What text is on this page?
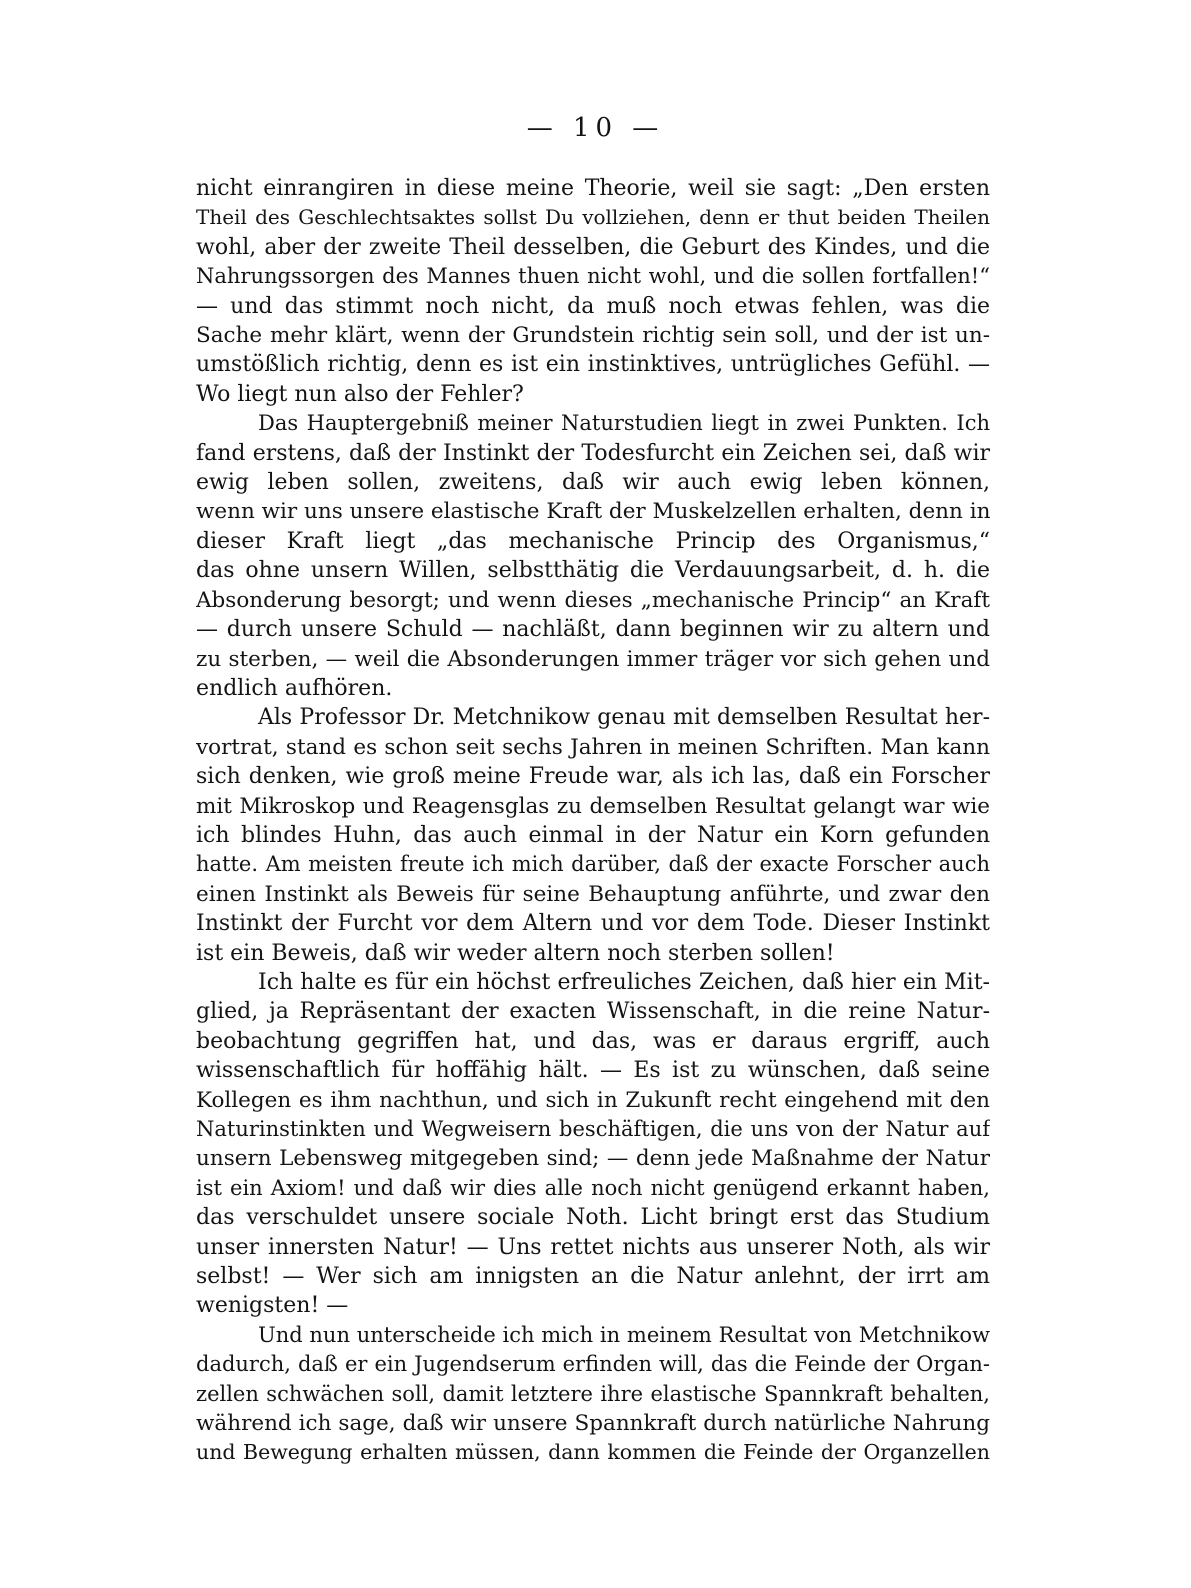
— 10 —

nicht einrangiren in diese meine Theorie, weil sie sagt: „Den ersten
Theil des Geschlechtsaktes sollst Du vollziehen, denn er thut beiden Theilen
wohl, aber der zweite Theil desselben, die Geburt des Kindes, und die
Nahrungssorgen des Mannes thuen nicht wohl, und die sollen fortfallen!“
— und das stimmt noch nicht, da muß noch etwas fehlen, was die
Sache mehr klärt, wenn der Grundstein richtig sein soll, und der ist un-
umstößlich richtig, denn es ist ein instinktives, untrügliches Gefühl. —
Wo liegt nun also der Fehler?

Das Hauptergebniß meiner Naturstudien liegt in zwei Punkten. Ich
fand erstens, daß der Instinkt der Todesfurcht ein Zeichen sei, daß wir
ewig leben sollen, zweitens, daß wir auch ewig leben können,
wenn wir uns unsere elastische Kraft der Muskelzellen erhalten, denn in
dieser Kraft liegt „das mechanische Princip des Organismus,“
das ohne unsern Willen, selbstthätig die Verdauungsarbeit, d. h. die
Absonderung besorgt; und wenn dieses „mechanische Princip“ an Kraft
— durch unsere Schuld — nachläßt, dann beginnen wir zu altern und
zu sterben, — weil die Absonderungen immer träger vor sich gehen und
endlich aufhören.

Als Professor Dr. Metchnikow genau mit demselben Resultat her-
vortrat, stand es schon seit sechs Jahren in meinen Schriften. Man kann
sich denken, wie groß meine Freude war, als ich las, daß ein Forscher
mit Mikroskop und Reagensglas zu demselben Resultat gelangt war wie
ich blindes Huhn, das auch einmal in der Natur ein Korn gefunden
hatte. Am meisten freute ich mich darüber, daß der exacte Forscher auch
einen Instinkt als Beweis für seine Behauptung anführte, und zwar den
Instinkt der Furcht vor dem Altern und vor dem Tode. Dieser Instinkt
ist ein Beweis, daß wir weder altern noch sterben sollen!

Ich halte es für ein höchst erfreuliches Zeichen, daß hier ein Mit-
glied, ja Repräsentant der exacten Wissenschaft, in die reine Natur-
beobachtung gegriffen hat, und das, was er daraus ergriff, auch
wissenschaftlich für hoffähig hält. — Es ist zu wünschen, daß seine
Kollegen es ihm nachthun, und sich in Zukunft recht eingehend mit den
Naturinstinkten und Wegweisern beschäftigen, die uns von der Natur auf
unsern Lebensweg mitgegeben sind; — denn jede Maßnahme der Natur
ist ein Axiom! und daß wir dies alle noch nicht genügend erkannt haben,
das verschuldet unsere sociale Noth. Licht bringt erst das Studium
unser innersten Natur! — Uns rettet nichts aus unserer Noth, als wir
selbst! — Wer sich am innigsten an die Natur anlehnt, der irrt am
wenigsten! —

Und nun unterscheide ich mich in meinem Resultat von Metchnikow
dadurch, daß er ein Jugendserum erfinden will, das die Feinde der Organ-
zellen schwächen soll, damit letztere ihre elastische Spannkraft behalten,
während ich sage, daß wir unsere Spannkraft durch natürliche Nahrung
und Bewegung erhalten müssen, dann kommen die Feinde der Organzellen
